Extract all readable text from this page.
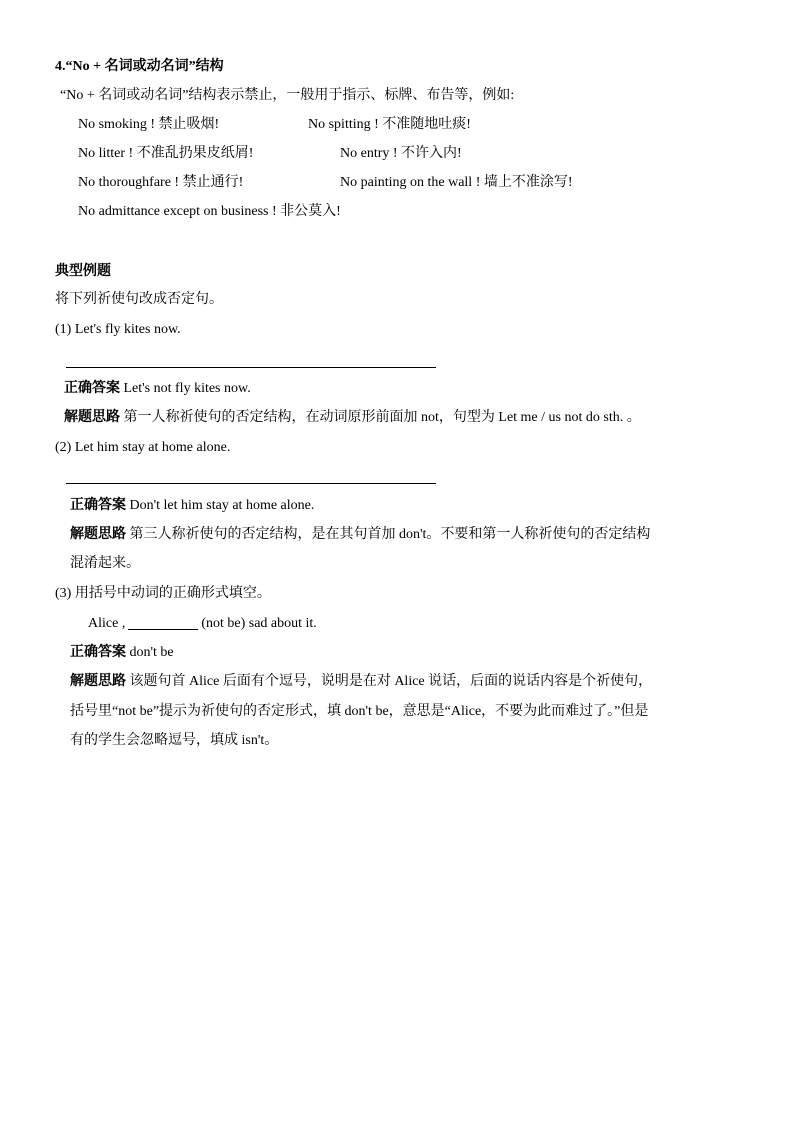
4.“No + 名词或动名词”结构
“No + 名词或动名词”结构表示禁止，一般用于指示、标牌、布告等，例如:
No smoking ! 禁止吸烟!	No spitting ! 不准随地吐痰!
No litter ! 不准乱扔果皮纸屑!	No entry ! 不许入内!
No thoroughfare ! 禁止通行!	No painting on the wall ! 墙上不准涂写!
No admittance except on business ! 非公莫入!
典型例题
将下列祈使句改成否定句。
(1) Let's fly kites now.
正确答案 Let's not fly kites now.
解题思路 第一人称祈使句的否定结构，在动词原形前面加 not，句型为 Let me / us not do sth. 。
(2) Let him stay at home alone.
正确答案 Don't let him stay at home alone.
解题思路 第三人称祈使句的否定结构，是在其句首加 don't。不要和第一人称祈使句的否定结构
混淆起来。
(3) 用括号中动词的正确形式填空。
Alice ,	(not be) sad about it.
正确答案 don't be
解题思路 该题句首 Alice 后面有个逗号，说明是在对 Alice 说话，后面的说话内容是个祈使句，
括号里“not be”提示为祈使句的否定形式，填 don't be，意思是“Alice，不要为此而难过了。”但是
有的学生会忽略逗号，填成 isn't。
